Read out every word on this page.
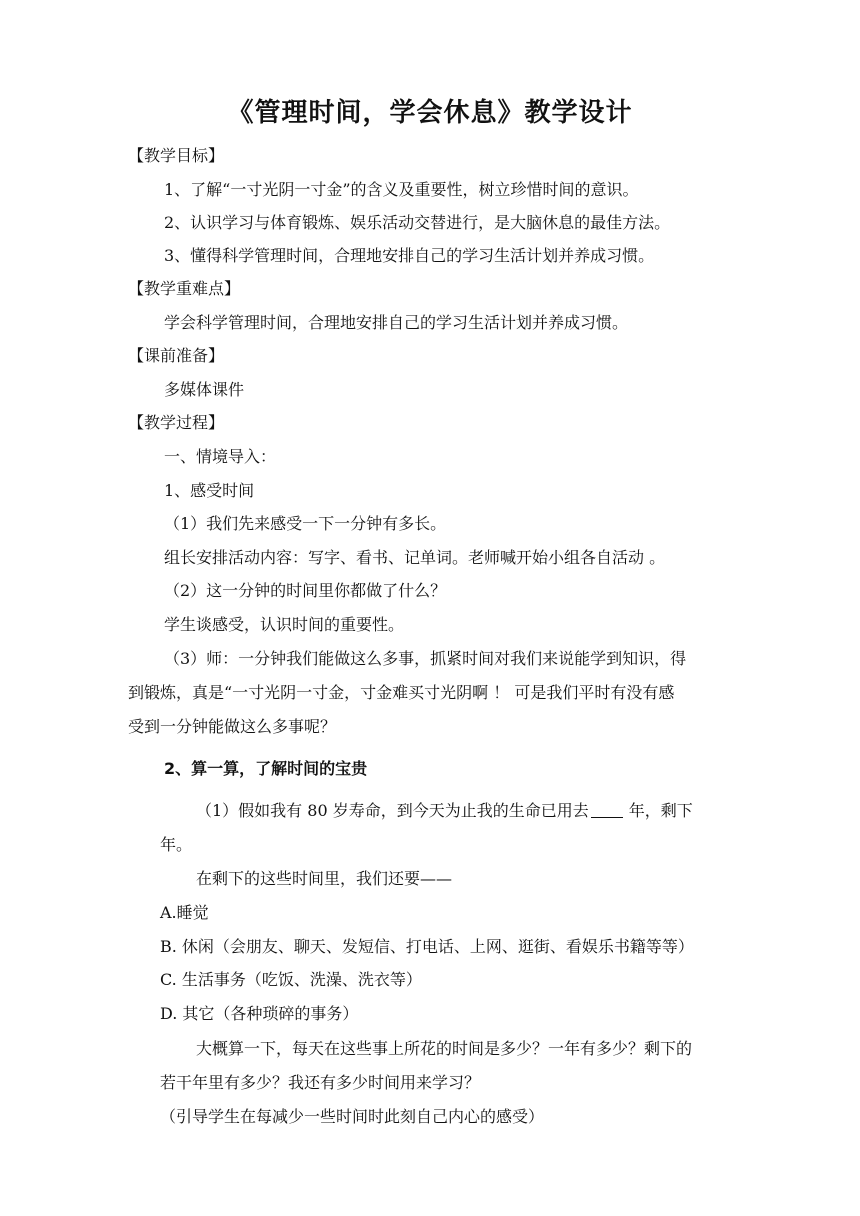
《管理时间，学会休息》教学设计
【教学目标】
1、了解“一寸光阴一寸金”的含义及重要性，树立珍惜时间的意识。
2、认识学习与体育锻炼、娱乐活动交替进行，是大脑休息的最佳方法。
3、懂得科学管理时间，合理地安排自己的学习生活计划并养成习惯。
【教学重难点】
学会科学管理时间，合理地安排自己的学习生活计划并养成习惯。
【课前准备】
多媒体课件
【教学过程】
一、情境导入：
1、感受时间
（1）我们先来感受一下一分钟有多长。
组长安排活动内容：写字、看书、记单词。老师喊开始小组各自活动 。
（2）这一分钟的时间里你都做了什么？
学生谈感受，认识时间的重要性。
（3）师：一分钟我们能做这么多事，抓紧时间对我们来说能学到知识，得
到锻炼，真是“一寸光阴一寸金，寸金难买寸光阴啊 ！ 可是我们平时有没有感
受到一分钟能做这么多事呢？
2、算一算，了解时间的宝贵
（1）假如我有 80 岁寿命，到今天为止我的生命已用去	年，剩下
年。
在剩下的这些时间里，我们还要——
A.睡觉
B. 休闲（会朋友、聊天、发短信、打电话、上网、逛街、看娱乐书籍等等）
C. 生活事务（吃饭、洗澡、洗衣等）
D. 其它（各种琐碎的事务）
大概算一下，每天在这些事上所花的时间是多少？一年有多少？剩下的
若干年里有多少？我还有多少时间用来学习？
（引导学生在每减少一些时间时此刻自己内心的感受）
